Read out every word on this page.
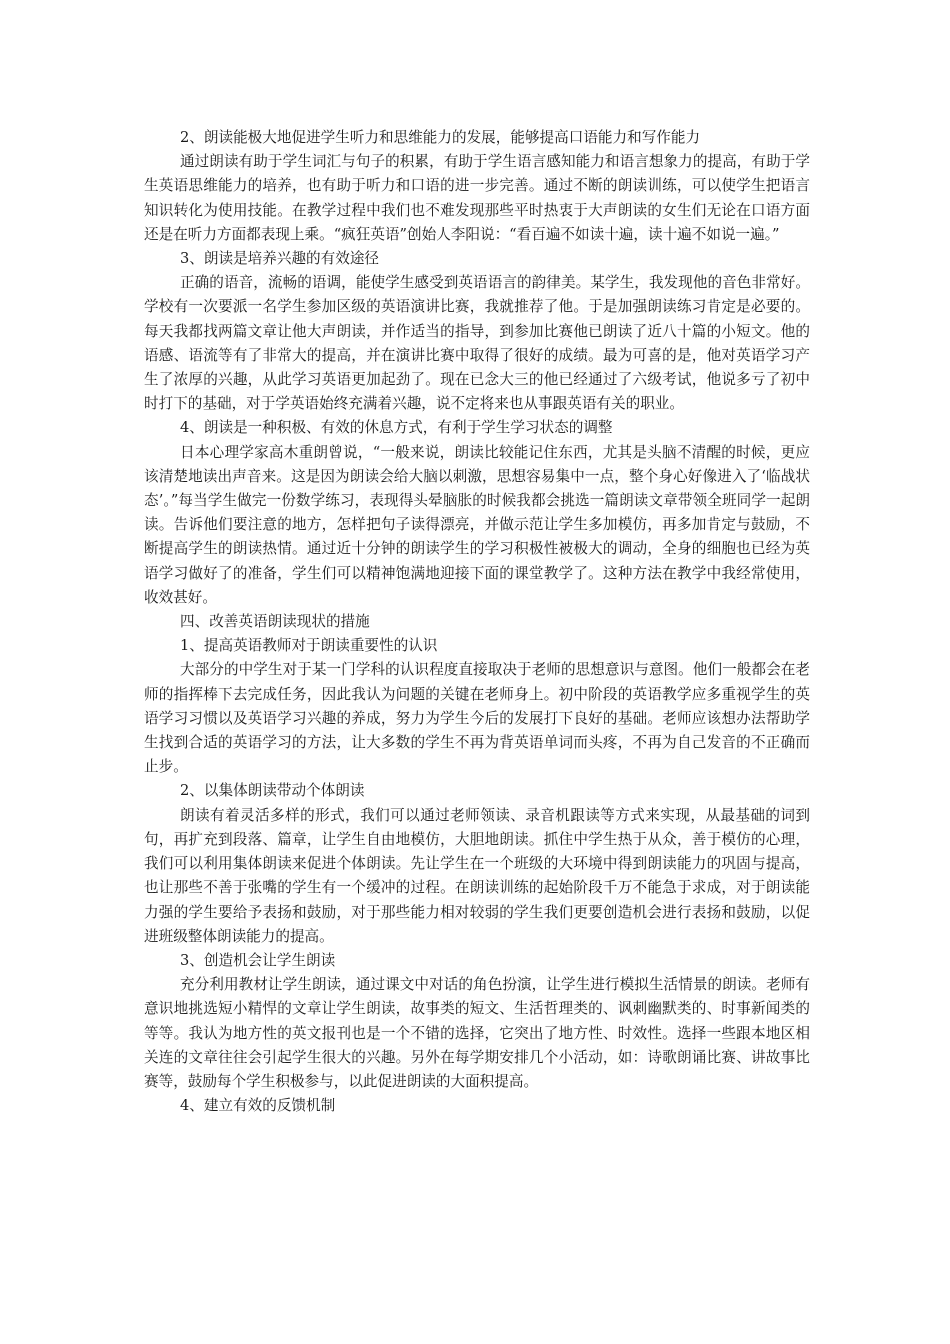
2、朗读能极大地促进学生听力和思维能力的发展，能够提高口语能力和写作能力

通过朗读有助于学生词汇与句子的积累，有助于学生语言感知能力和语言想象力的提高，有助于学生英语思维能力的培养，也有助于听力和口语的进一步完善。通过不断的朗读训练，可以使学生把语言知识转化为使用技能。在教学过程中我们也不难发现那些平时热衷于大声朗读的女生们无论在口语方面还是在听力方面都表现上乘。“疯狂英语”创始人李阳说：“看百遍不如读十遍，读十遍不如说一遍。”

3、朗读是培养兴趣的有效途径

正确的语音，流畅的语调，能使学生感受到英语语言的韵律美。某学生，我发现他的音色非常好。学校有一次要派一名学生参加区级的英语演讲比赛，我就推荐了他。于是加强朗读练习肯定是必要的。每天我都找两篇文章让他大声朗读，并作适当的指导，到参加比赛他已朗读了近八十篇的小短文。他的语感、语流等有了非常大的提高，并在演讲比赛中取得了很好的成绩。最为可喜的是，他对英语学习产生了浓厚的兴趣，从此学习英语更加起劲了。现在已念大三的他已经通过了六级考试，他说多亏了初中时打下的基础，对于学英语始终充满着兴趣，说不定将来也从事跟英语有关的职业。

4、朗读是一种积极、有效的休息方式，有利于学生学习状态的调整

日本心理学家高木重朗曾说，“一般来说，朗读比较能记住东西，尤其是头脑不清醒的时候，更应该清楚地读出声音来。这是因为朗读会给大脑以刺激，思想容易集中一点，整个身心好像进入了‘临战状态’。”每当学生做完一份数学练习，表现得头晕脑胀的时候我都会挑选一篇朗读文章带领全班同学一起朗读。告诉他们要注意的地方，怎样把句子读得漂亮，并做示范让学生多加模仿，再多加肯定与鼓励，不断提高学生的朗读热情。通过近十分钟的朗读学生的学习积极性被极大的调动，全身的细胞也已经为英语学习做好了的准备，学生们可以精神饱满地迎接下面的课堂教学了。这种方法在教学中我经常使用，收效甚好。

四、改善英语朗读现状的措施

1、提高英语教师对于朗读重要性的认识

大部分的中学生对于某一门学科的认识程度直接取决于老师的思想意识与意图。他们一般都会在老师的指挥棒下去完成任务，因此我认为问题的关键在老师身上。初中阶段的英语教学应多重视学生的英语学习习惯以及英语学习兴趣的养成，努力为学生今后的发展打下良好的基础。老师应该想办法帮助学生找到合适的英语学习的方法，让大多数的学生不再为背英语单词而头疼，不再为自己发音的不正确而止步。

2、以集体朗读带动个体朗读

朗读有着灵活多样的形式，我们可以通过老师领读、录音机跟读等方式来实现，从最基础的词到句，再扩充到段落、篇章，让学生自由地模仿，大胆地朗读。抓住中学生热于从众，善于模仿的心理，我们可以利用集体朗读来促进个体朗读。先让学生在一个班级的大环境中得到朗读能力的巩固与提高，也让那些不善于张嘴的学生有一个缓冲的过程。在朗读训练的起始阶段千万不能急于求成，对于朗读能力强的学生要给予表扬和鼓励，对于那些能力相对较弱的学生我们更要创造机会进行表扬和鼓励，以促进班级整体朗读能力的提高。

3、创造机会让学生朗读

充分利用教材让学生朗读，通过课文中对话的角色扮演，让学生进行模拟生活情景的朗读。老师有意识地挑选短小精悍的文章让学生朗读，故事类的短文、生活哲理类的、讽刺幽默类的、时事新闻类的等等。我认为地方性的英文报刊也是一个不错的选择，它突出了地方性、时效性。选择一些跟本地区相关连的文章往往会引起学生很大的兴趣。另外在每学期安排几个小活动，如：诗歌朗诵比赛、讲故事比赛等，鼓励每个学生积极参与，以此促进朗读的大面积提高。

4、建立有效的反馈机制
